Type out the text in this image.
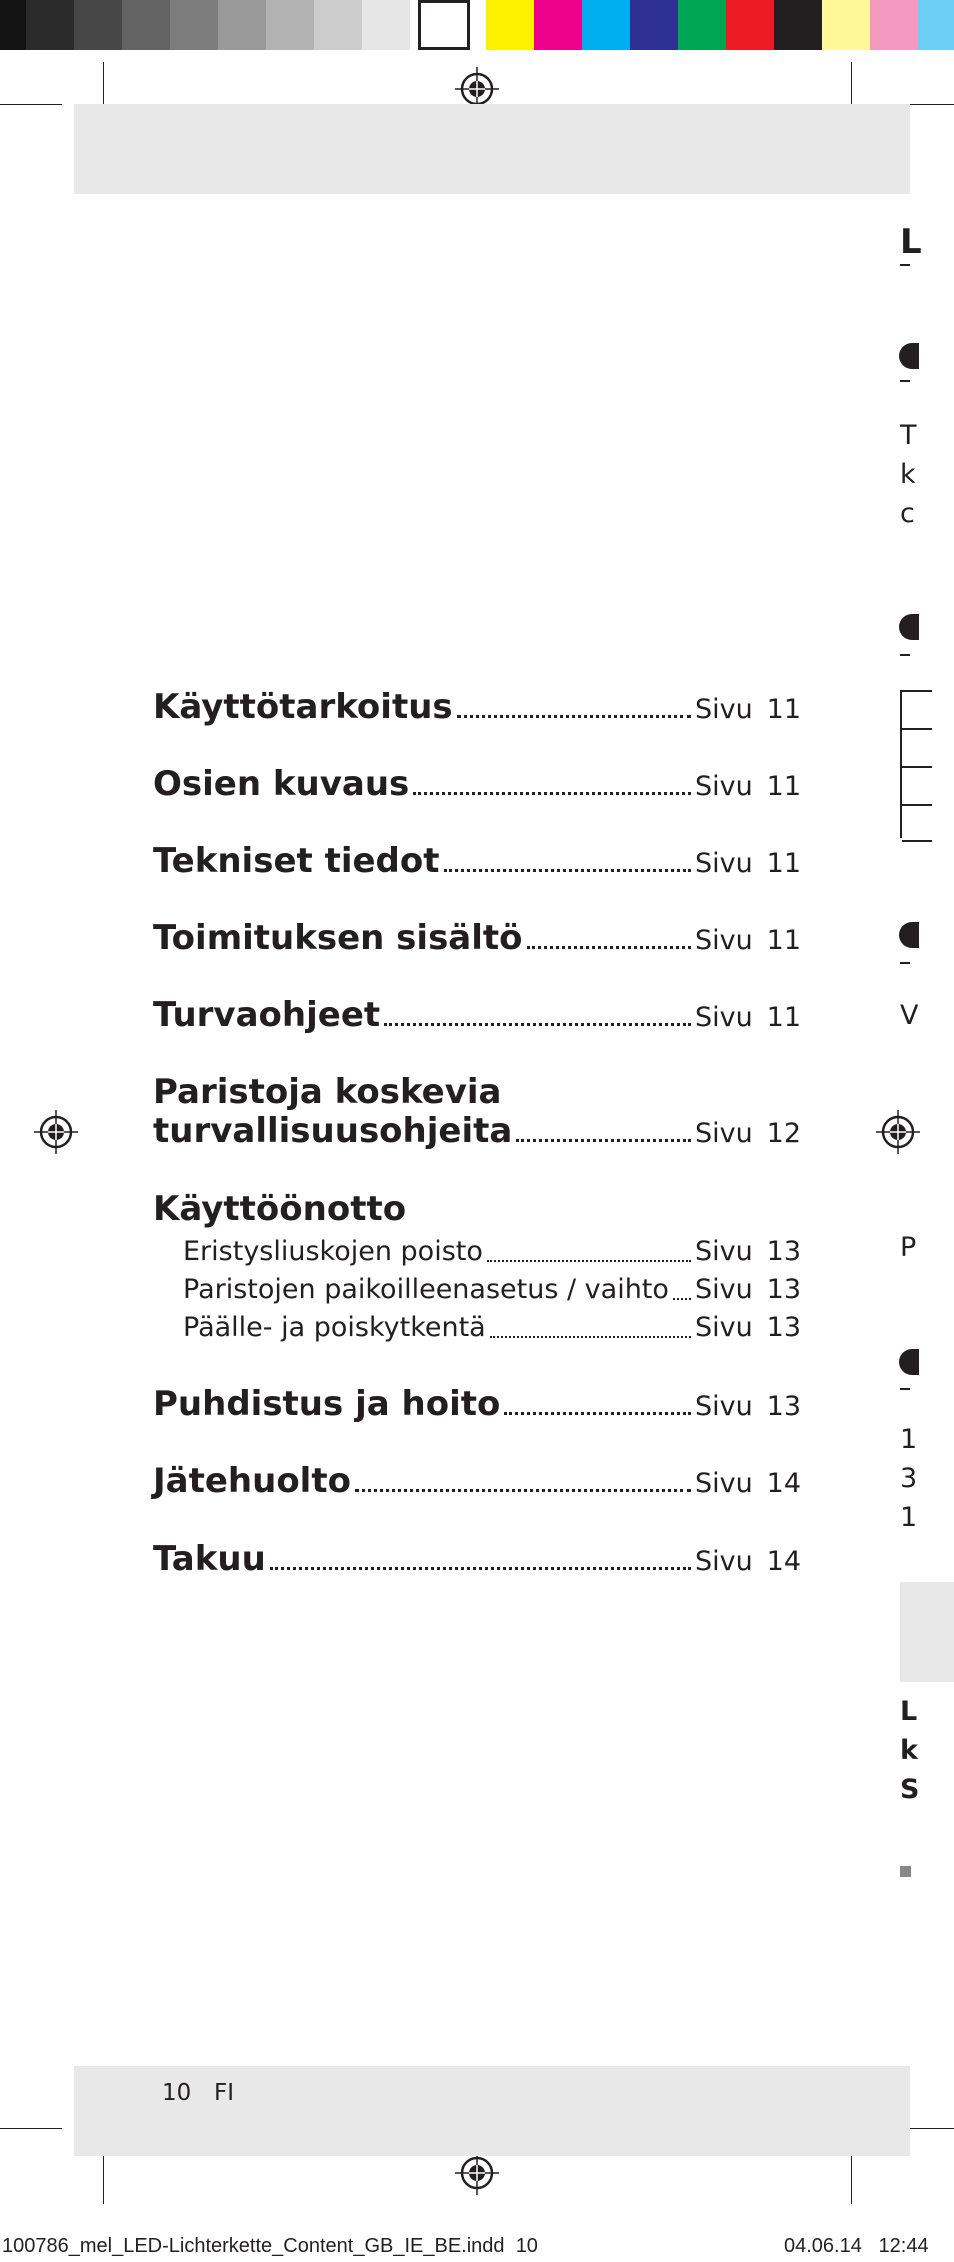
10 FI
Käyttötarkoitus	Sivu 11
Osien kuvaus	Sivu 11
Tekniset tiedot	Sivu 11
Toimituksen sisältö	Sivu 11
Turvaohjeet	Sivu 11
Paristoja koskevia
turvallisuusohjeita	Sivu 12
Käyttöönotto
Eristysliuskojen poisto	Sivu 13
Paristojen paikoilleenasetus / vaihto Sivu 13
Päälle- ja poiskytkentä	Sivu 13
Puhdistus ja hoito	Sivu 13
Jätehuolto	Sivu 14
Takuu	Sivu 14
L
T
k
c
V
P
1
3
1
L
k
S
100786_mel_LED-Lichterkette_Content_GB_IE_BE.indd 10	04.06.14 12:44
